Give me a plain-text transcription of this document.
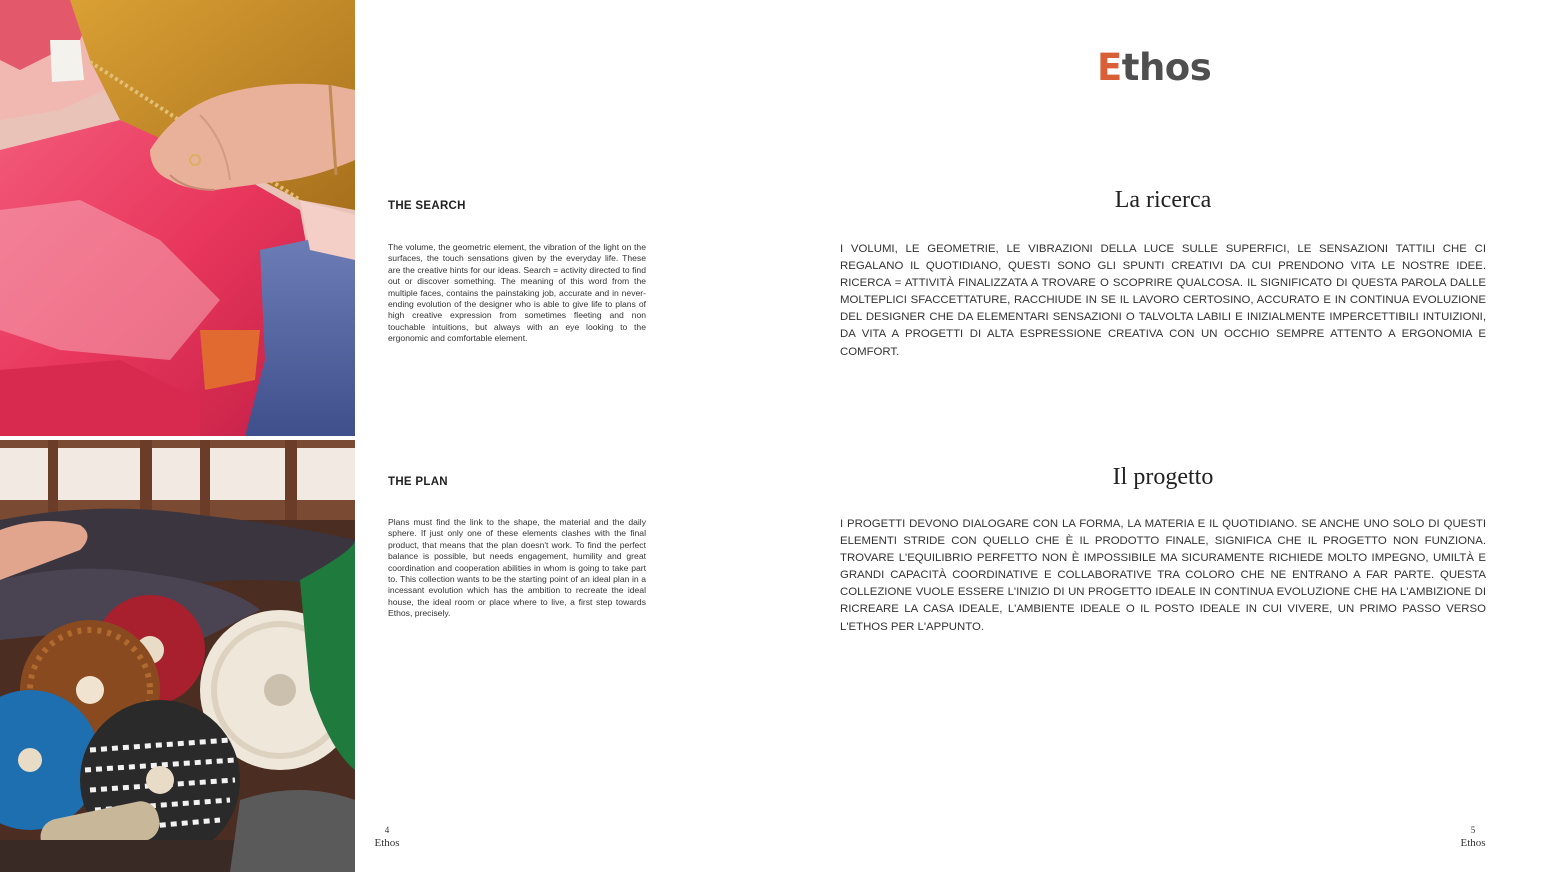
THE SEARCH

The volume, the geometric element, the vibration of the light on the surfaces, the touch sensations given by the everyday life. These are the creative hints for our ideas. Search = activity directed to find out or discover something. The meaning of this word from the multiple faces, contains the painstaking job, accurate and in never-ending evolution of the designer who is able to give life to plans of high creative expression from sometimes fleeting and non touchable intuitions, but always with an eye looking to the ergonomic and comfortable element.

THE PLAN

Plans must find the link to the shape, the material and the daily sphere. If just only one of these elements clashes with the final product, that means that the plan doesn't work. To find the perfect balance is possible, but needs engagement, humility and great coordination and cooperation abilities in whom is going to take part to. This collection wants to be the starting point of an ideal plan in a incessant evolution which has the ambition to recreate the ideal house, the ideal room or place where to live, a first step towards Ethos, precisely.

Ethos
La ricerca

I VOLUMI, LE GEOMETRIE, LE VIBRAZIONI DELLA LUCE SULLE SUPERFICI, LE SENSAZIONI TATTILI CHE CI REGALANO IL QUOTIDIANO, QUESTI SONO GLI SPUNTI CREATIVI DA CUI PRENDONO VITA LE NOSTRE IDEE. RICERCA = ATTIVITÀ FINALIZZATA A TROVARE O SCOPRIRE QUALCOSA. IL SIGNIFICATO DI QUESTA PAROLA DALLE MOLTEPLICI SFACCETTATURE, RACCHIUDE IN SE IL LAVORO CERTOSINO, ACCURATO E IN CONTINUA EVOLUZIONE DEL DESIGNER CHE DA ELEMENTARI SENSAZIONI O TALVOLTA LABILI E INIZIALMENTE IMPERCETTIBILI INTUIZIONI, DA VITA A PROGETTI DI ALTA ESPRESSIONE CREATIVA CON UN OCCHIO SEMPRE ATTENTO A ERGONOMIA E COMFORT.

Il progetto

I PROGETTI DEVONO DIALOGARE CON LA FORMA, LA MATERIA E IL QUOTIDIANO. SE ANCHE UNO SOLO DI QUESTI ELEMENTI STRIDE CON QUELLO CHE È IL PRODOTTO FINALE, SIGNIFICA CHE IL PROGETTO NON FUNZIONA. TROVARE L'EQUILIBRIO PERFETTO NON È IMPOSSIBILE MA SICURAMENTE RICHIEDE MOLTO IMPEGNO, UMILTÀ E GRANDI CAPACITÀ COORDINATIVE E COLLABORATIVE TRA COLORO CHE NE ENTRANO A FAR PARTE. QUESTA COLLEZIONE VUOLE ESSERE L'INIZIO DI UN PROGETTO IDEALE IN CONTINUA EVOLUZIONE CHE HA L'AMBIZIONE DI RICREARE LA CASA IDEALE, L'AMBIENTE IDEALE O IL POSTO IDEALE IN CUI VIVERE, UN PRIMO PASSO VERSO L'ETHOS PER L'APPUNTO.

4
Ethos
5
Ethos
